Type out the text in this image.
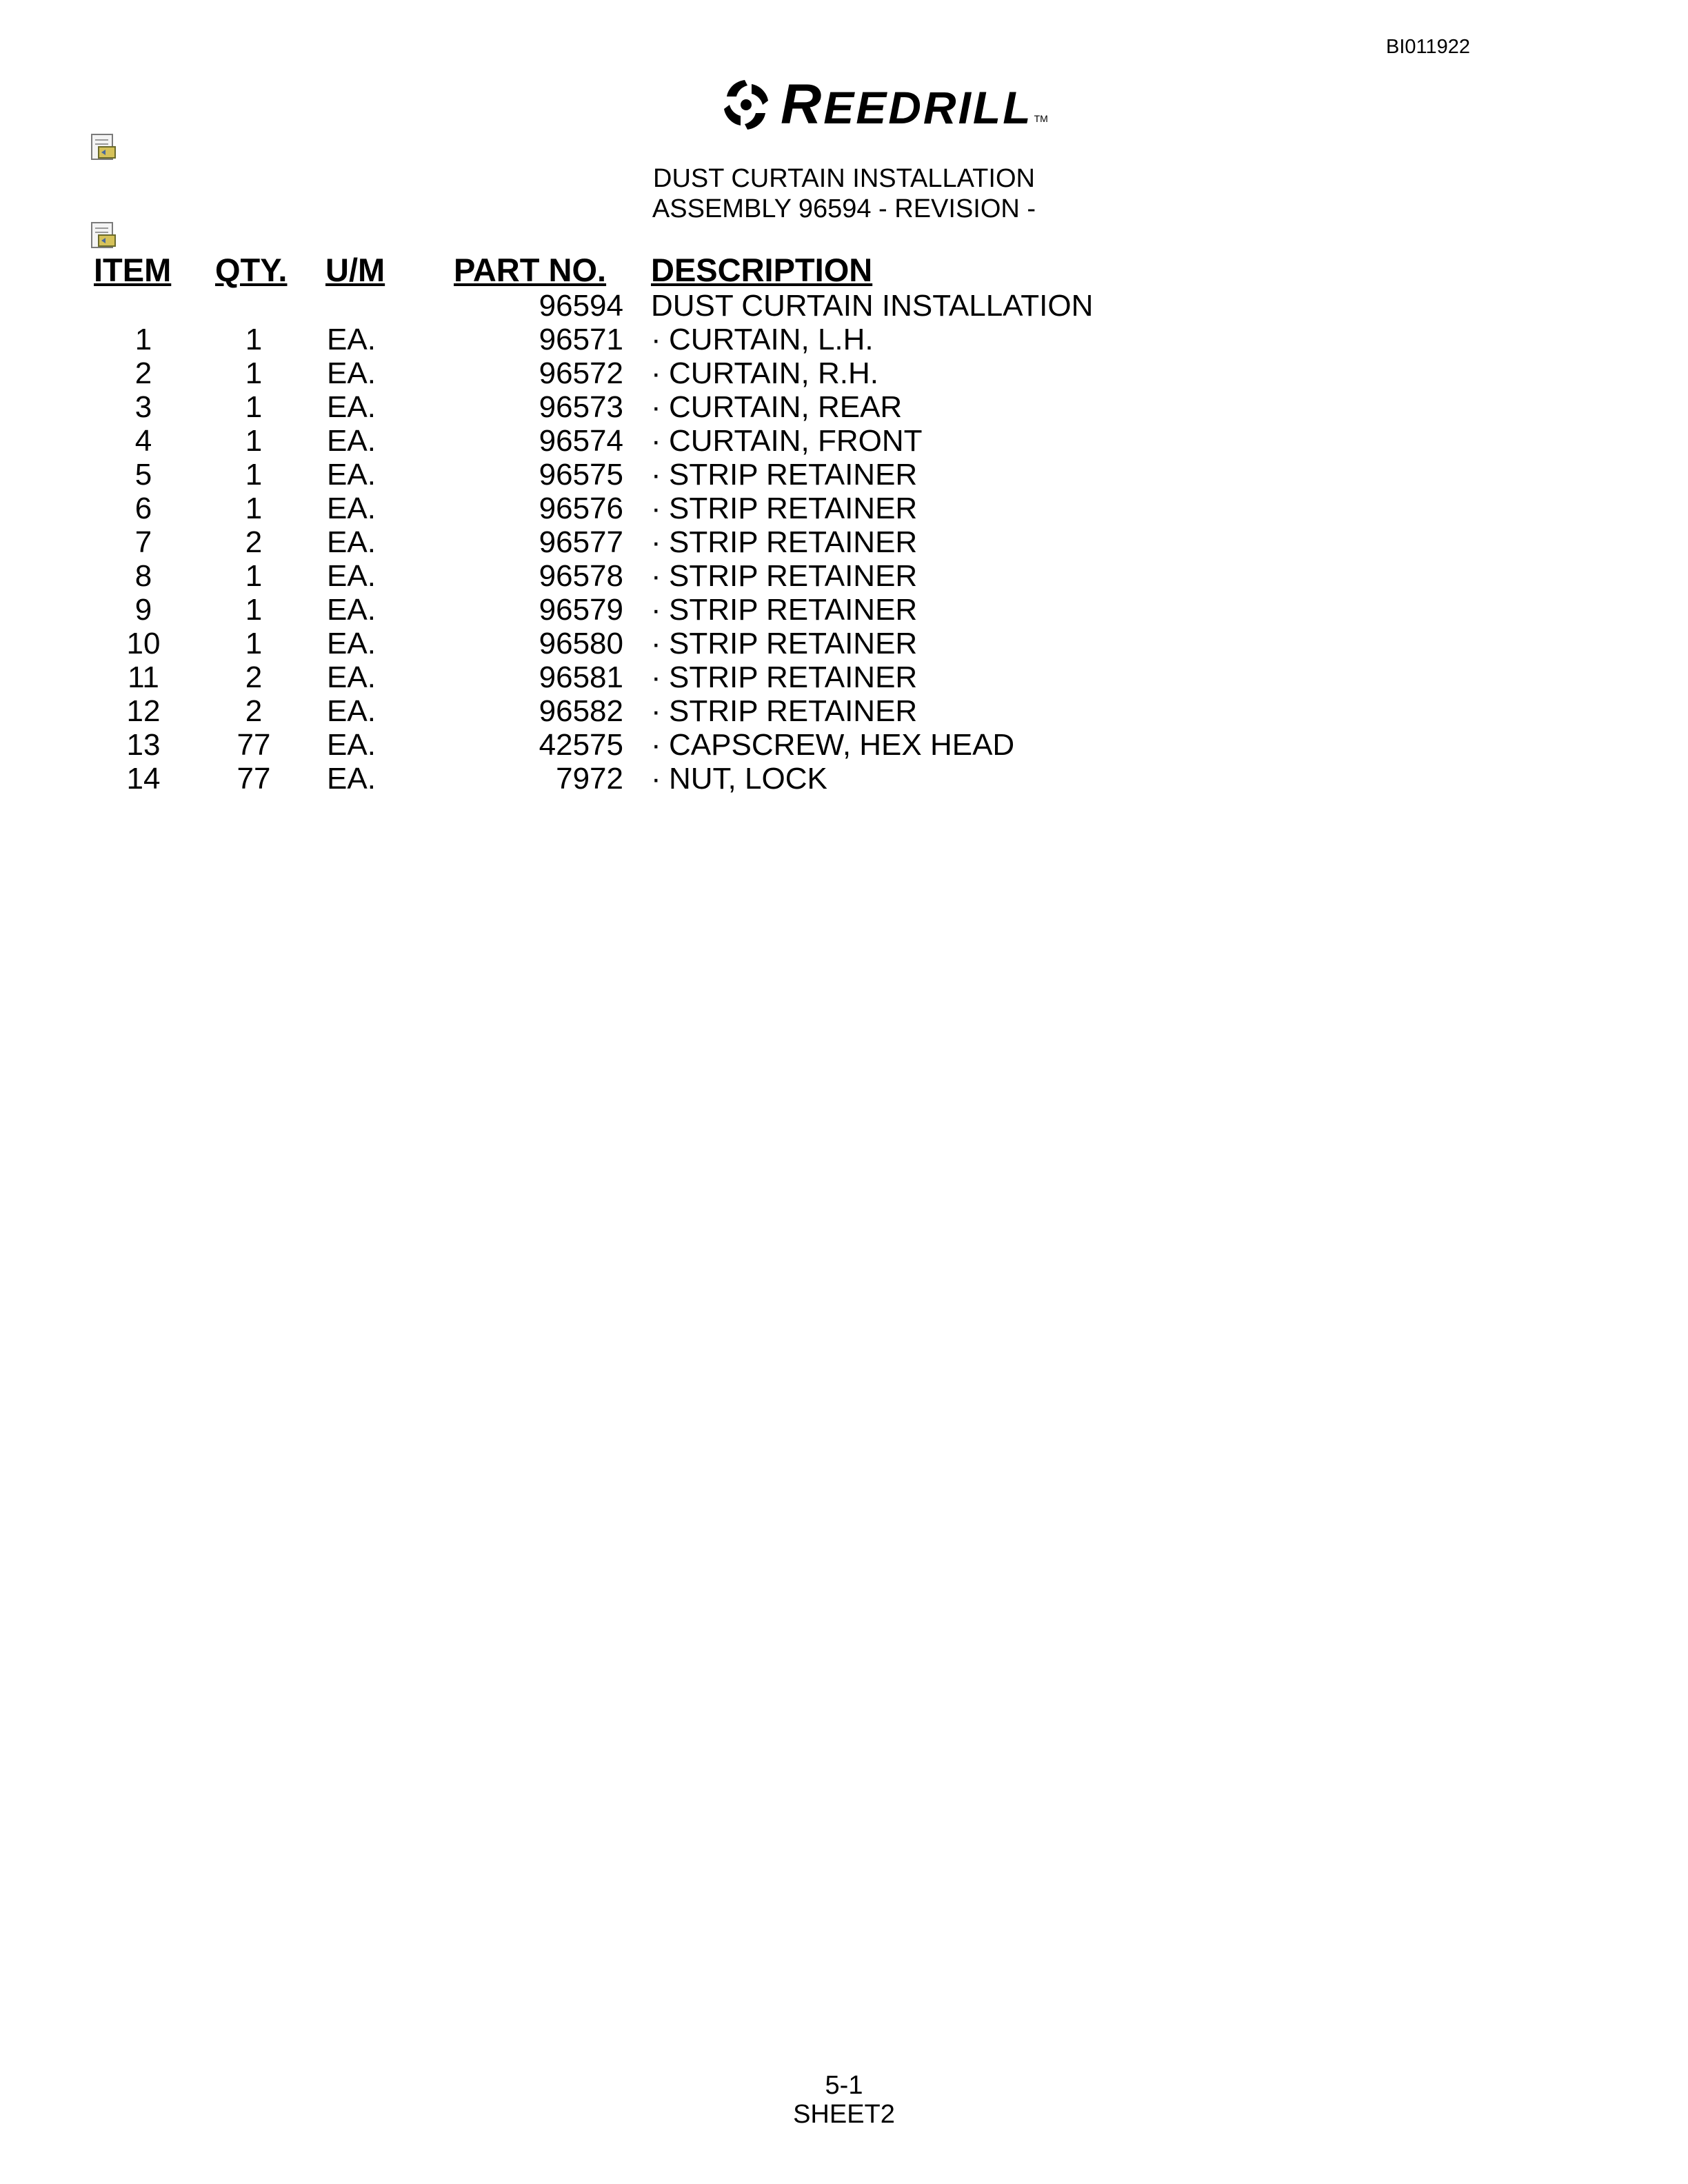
BI011922
REEDRILL TM
DUST CURTAIN INSTALLATION
ASSEMBLY 96594 - REVISION -
ITEM	QTY.	U/M	PART NO.	DESCRIPTION
			96594	DUST CURTAIN INSTALLATION
1	1	EA.	96571	· CURTAIN, L.H.
2	1	EA.	96572	· CURTAIN, R.H.
3	1	EA.	96573	· CURTAIN, REAR
4	1	EA.	96574	· CURTAIN, FRONT
5	1	EA.	96575	· STRIP RETAINER
6	1	EA.	96576	· STRIP RETAINER
7	2	EA.	96577	· STRIP RETAINER
8	1	EA.	96578	· STRIP RETAINER
9	1	EA.	96579	· STRIP RETAINER
10	1	EA.	96580	· STRIP RETAINER
11	2	EA.	96581	· STRIP RETAINER
12	2	EA.	96582	· STRIP RETAINER
13	77	EA.	42575	· CAPSCREW, HEX HEAD
14	77	EA.	7972	· NUT, LOCK
5-1
SHEET2
